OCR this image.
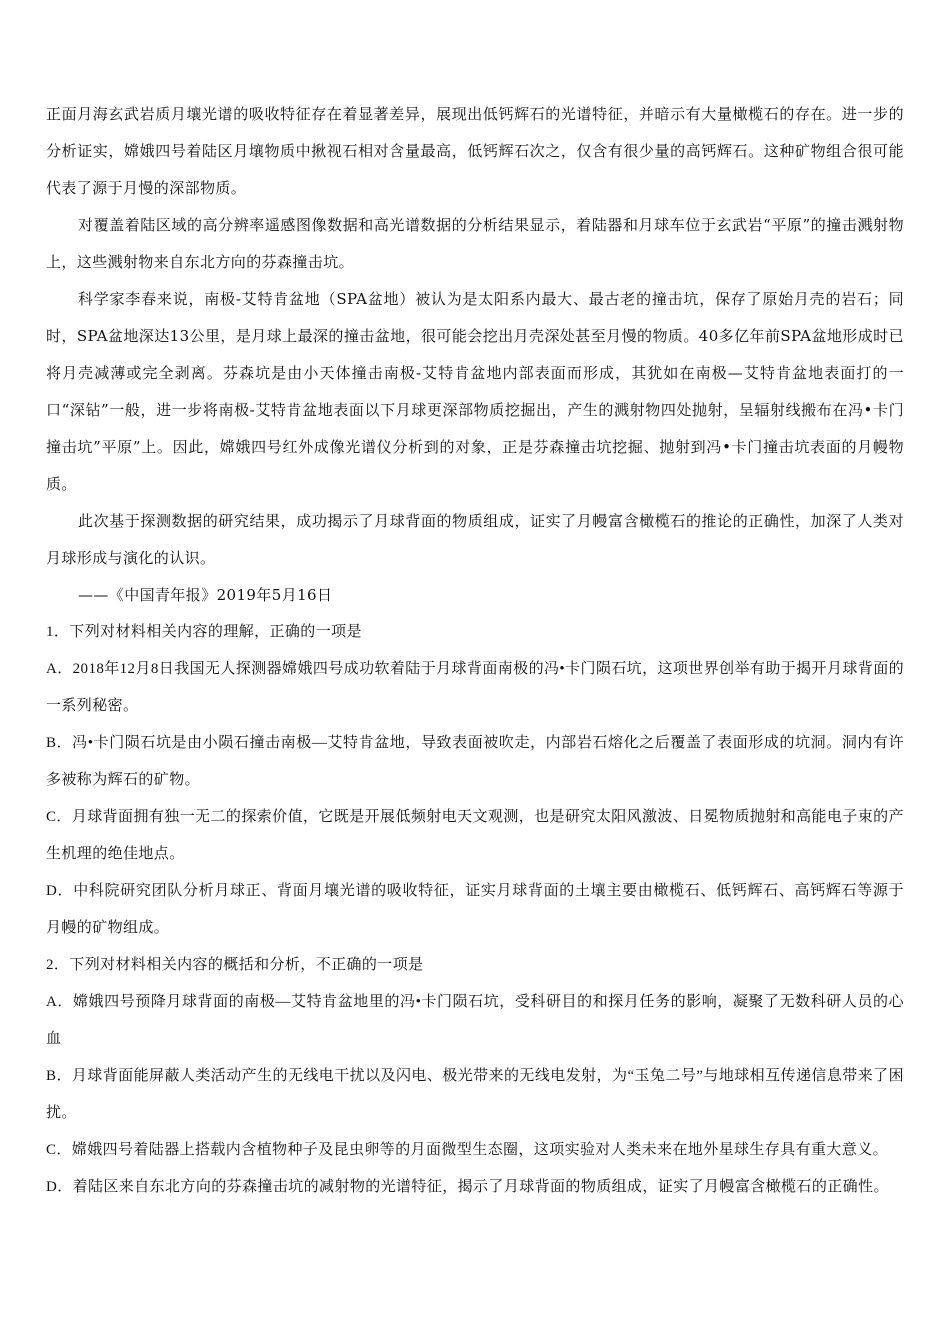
正面月海玄武岩质月壤光谱的吸收特征存在着显著差异，展现出低钙辉石的光谱特征，并暗示有大量橄榄石的存在。进一步的分析证实，嫦娥四号着陆区月壤物质中揪视石相对含量最高，低钙辉石次之，仅含有很少量的高钙辉石。这种矿物组合很可能代表了源于月慢的深部物质。

对覆盖着陆区域的高分辨率遥感图像数据和高光谱数据的分析结果显示，着陆器和月球车位于玄武岩“平原”的撞击溅射物上，这些溅射物来自东北方向的芬森撞击坑。

科学家李春来说，南极-艾特肯盆地（SPA盆地）被认为是太阳系内最大、最古老的撞击坑，保存了原始月壳的岩石；同时，SPA盆地深达13公里，是月球上最深的撞击盆地，很可能会挖出月壳深处甚至月慢的物质。40多亿年前SPA盆地形成时已将月壳减薄或完全剥离。芬森坑是由小天体撞击南极-艾特肯盆地内部表面而形成，其犹如在南极—艾特肯盆地表面打的一口“深钻”一般，进一步将南极-艾特肯盆地表面以下月球更深部物质挖掘出，产生的溅射物四处抛射，呈辐射线搬布在冯•卡门撞击坑”平原”上。因此，嫦娥四号红外成像光谱仪分析到的对象，正是芬森撞击坑挖掘、抛射到冯•卡门撞击坑表面的月幔物质。

此次基于探测数据的研究结果，成功揭示了月球背面的物质组成，证实了月幔富含橄榄石的推论的正确性，加深了人类对月球形成与演化的认识。

——《中国青年报》2019年5月16日

1．下列对材料相关内容的理解，正确的一项是

A．2018年12月8日我国无人探测器嫦娥四号成功软着陆于月球背面南极的冯•卡门陨石坑，这项世界创举有助于揭开月球背面的一系列秘密。

B．冯•卡门陨石坑是由小陨石撞击南极—艾特肯盆地，导致表面被吹走，内部岩石熔化之后覆盖了表面形成的坑洞。洞内有许多被称为辉石的矿物。

C．月球背面拥有独一无二的探索价值，它既是开展低频射电天文观测，也是研究太阳风激波、日冕物质抛射和高能电子束的产生机理的绝佳地点。

D．中科院研究团队分析月球正、背面月壤光谱的吸收特征，证实月球背面的土壤主要由橄榄石、低钙辉石、高钙辉石等源于月幔的矿物组成。

2．下列对材料相关内容的概括和分析，不正确的一项是

A．嫦娥四号预降月球背面的南极—艾特肯盆地里的冯•卡门陨石坑，受科研目的和探月任务的影响，凝聚了无数科研人员的心血

B．月球背面能屏蔽人类活动产生的无线电干扰以及闪电、极光带来的无线电发射，为“玉兔二号”与地球相互传递信息带来了困扰。

C．嫦娥四号着陆器上搭载内含植物种子及昆虫卵等的月面微型生态圈，这项实验对人类未来在地外星球生存具有重大意义。

D．着陆区来自东北方向的芬森撞击坑的减射物的光谱特征，揭示了月球背面的物质组成，证实了月幔富含橄榄石的正确性。
